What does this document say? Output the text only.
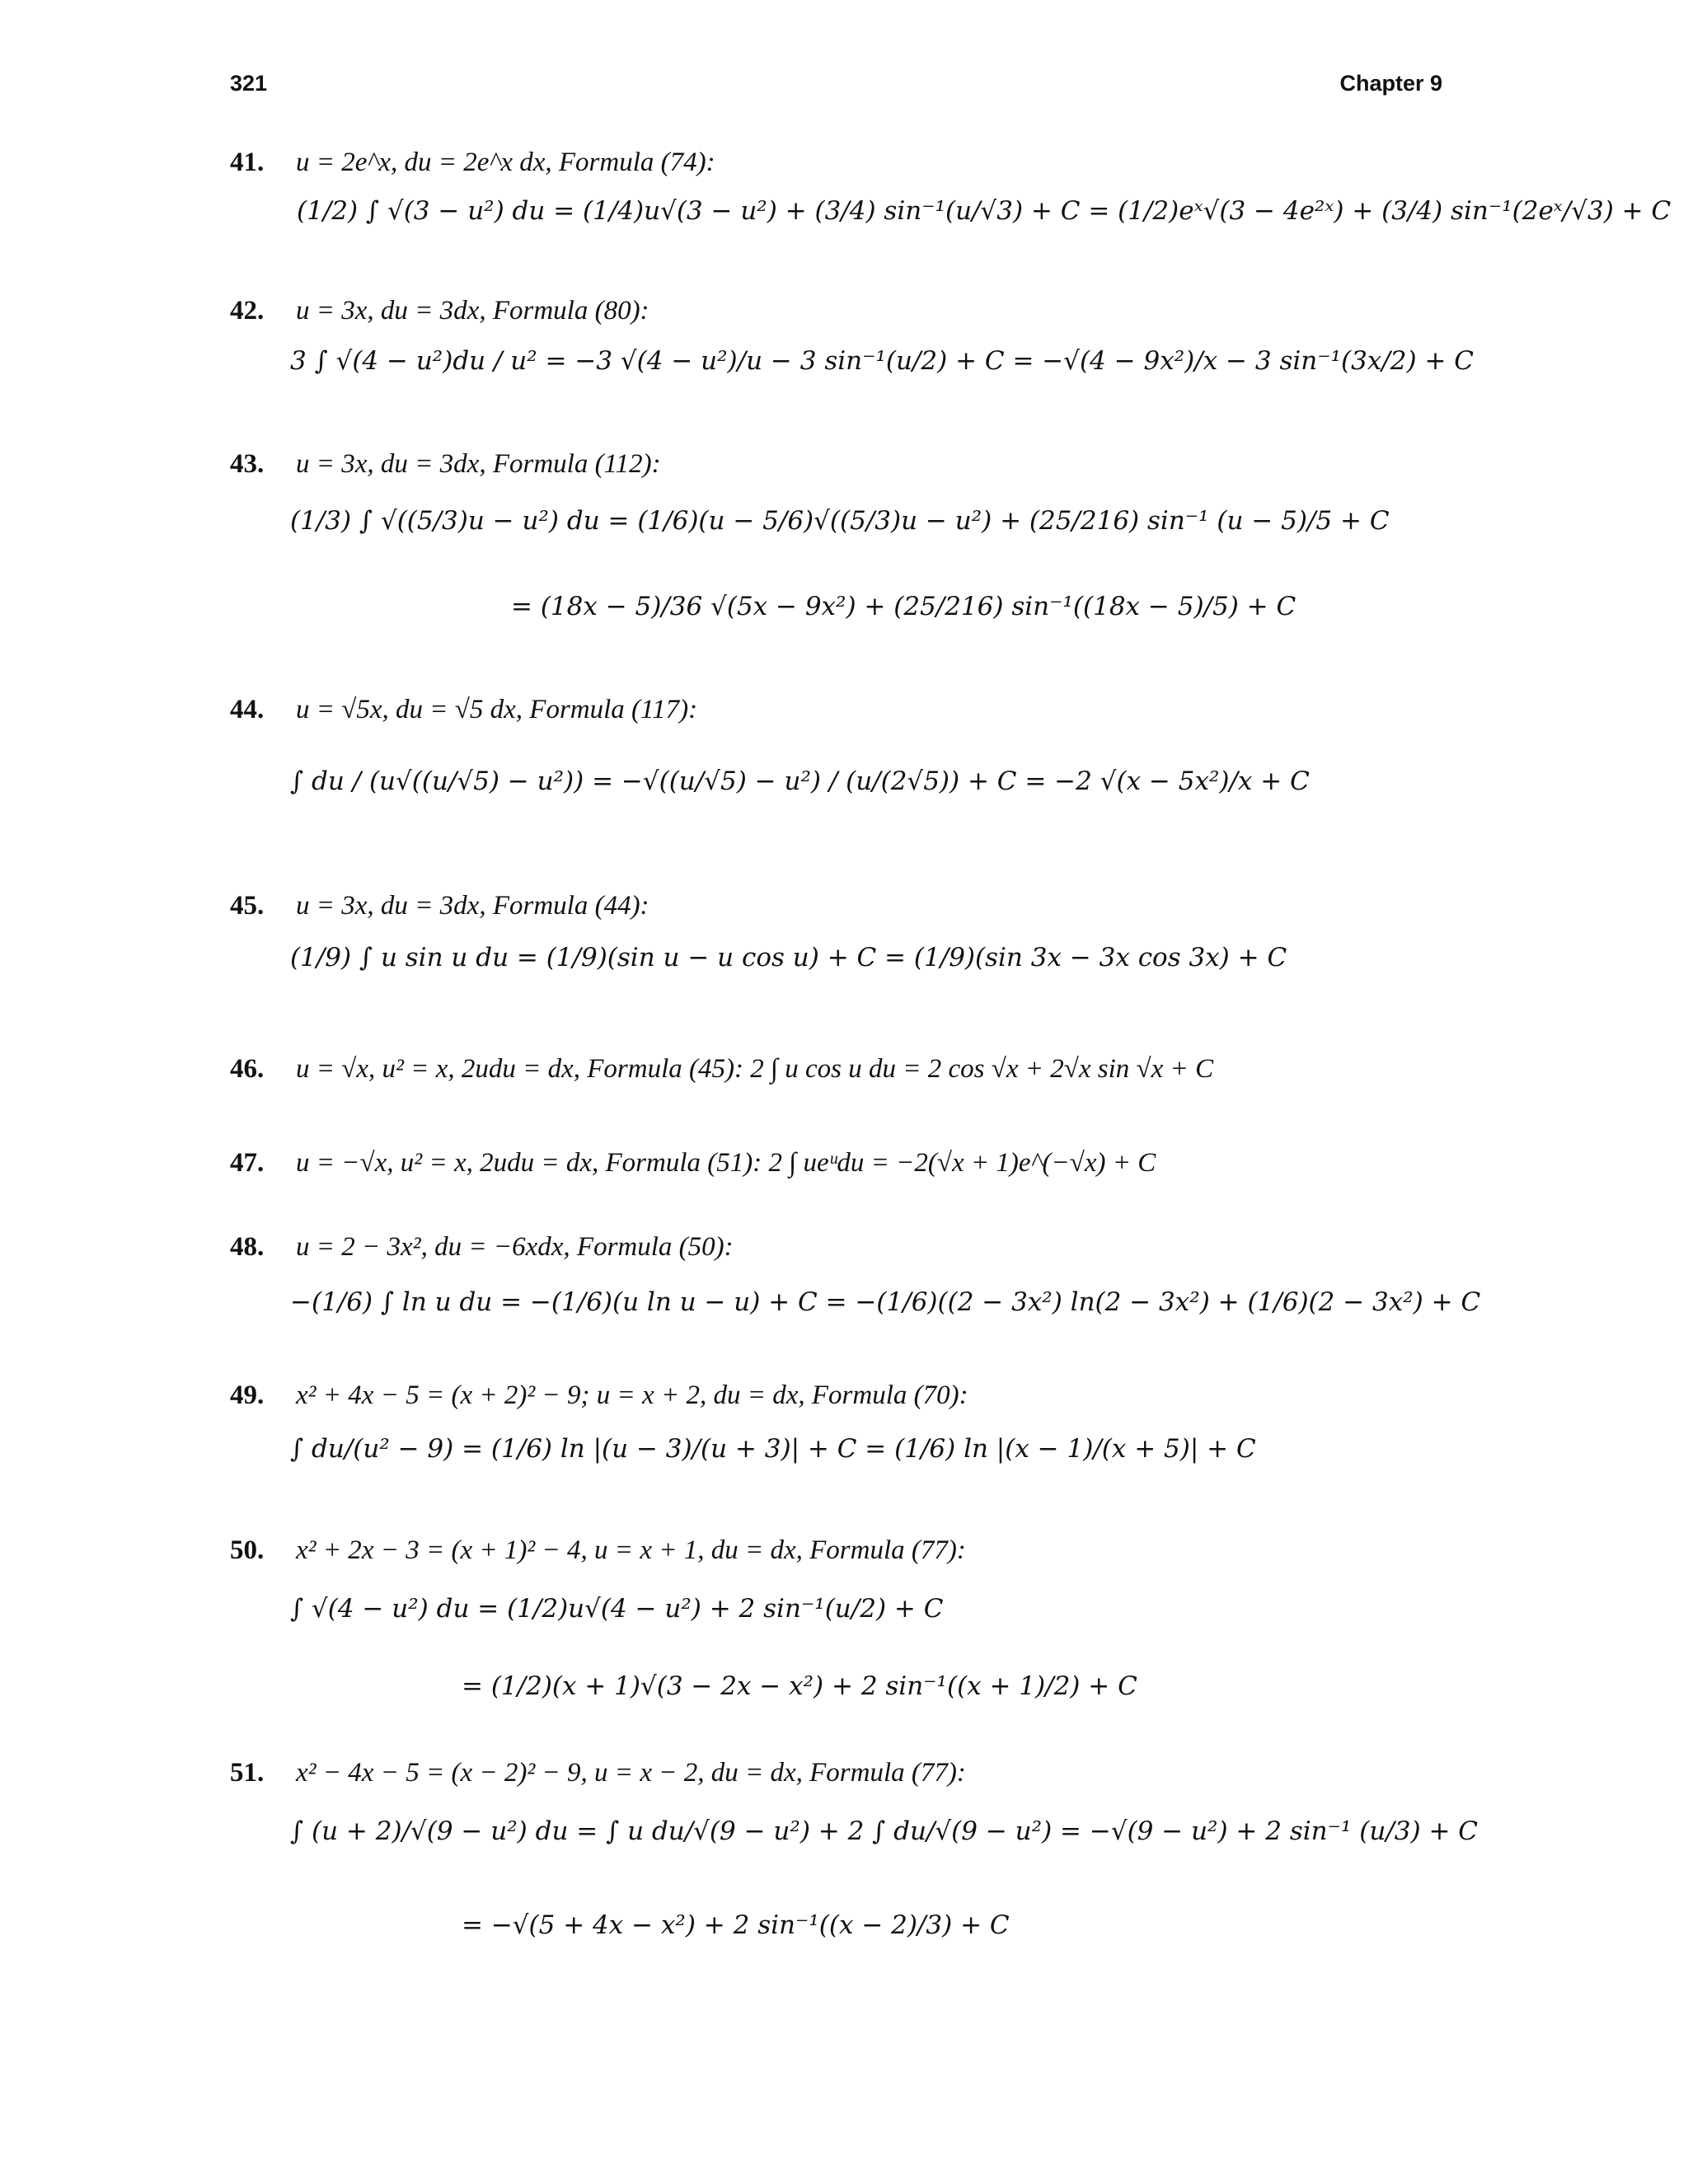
321	Chapter 9
41. u = 2e^x, du = 2e^x dx, Formula (74):
(1/2) ∫ √(3 − u²) du = (1/4)u√(3 − u²) + (3/4) sin⁻¹(u/√3) + C = (1/2)eˣ√(3 − 4e²ˣ) + (3/4) sin⁻¹(2eˣ/√3) + C
42. u = 3x, du = 3dx, Formula (80):
3 ∫ √(4 − u²)du / u² = −3 √(4 − u²)/u − 3 sin⁻¹(u/2) + C = −√(4 − 9x²)/x − 3 sin⁻¹(3x/2) + C
43. u = 3x, du = 3dx, Formula (112):
(1/3) ∫ √((5/3)u − u²) du = (1/6)(u − 5/6)√((5/3)u − u²) + (25/216) sin⁻¹ (u − 5)/5 + C
= (18x − 5)/36 √(5x − 9x²) + (25/216) sin⁻¹((18x − 5)/5) + C
44. u = √5x, du = √5 dx, Formula (117):
∫ du / (u√((u/√5) − u²)) = −√((u/√5) − u²) / (u/(2√5)) + C = −2 √(x − 5x²)/x + C
45. u = 3x, du = 3dx, Formula (44):
(1/9) ∫ u sin u du = (1/9)(sin u − u cos u) + C = (1/9)(sin 3x − 3x cos 3x) + C
46. u = √x, u² = x, 2udu = dx, Formula (45): 2 ∫ u cos u du = 2 cos √x + 2√x sin √x + C
47. u = −√x, u² = x, 2udu = dx, Formula (51): 2 ∫ ueᵘdu = −2(√x + 1)e^(−√x) + C
48. u = 2 − 3x², du = −6xdx, Formula (50):
−(1/6) ∫ ln u du = −(1/6)(u ln u − u) + C = −(1/6)((2 − 3x²) ln(2 − 3x²) + (1/6)(2 − 3x²) + C
49. x² + 4x − 5 = (x + 2)² − 9; u = x + 2, du = dx, Formula (70):
∫ du/(u² − 9) = (1/6) ln |(u − 3)/(u + 3)| + C = (1/6) ln |(x − 1)/(x + 5)| + C
50. x² + 2x − 3 = (x + 1)² − 4, u = x + 1, du = dx, Formula (77):
∫ √(4 − u²) du = (1/2)u√(4 − u²) + 2 sin⁻¹(u/2) + C
= (1/2)(x + 1)√(3 − 2x − x²) + 2 sin⁻¹((x + 1)/2) + C
51. x² − 4x − 5 = (x − 2)² − 9, u = x − 2, du = dx, Formula (77):
∫ (u + 2)/√(9 − u²) du = ∫ u du/√(9 − u²) + 2 ∫ du/√(9 − u²) = −√(9 − u²) + 2 sin⁻¹ (u/3) + C
= −√(5 + 4x − x²) + 2 sin⁻¹((x − 2)/3) + C
